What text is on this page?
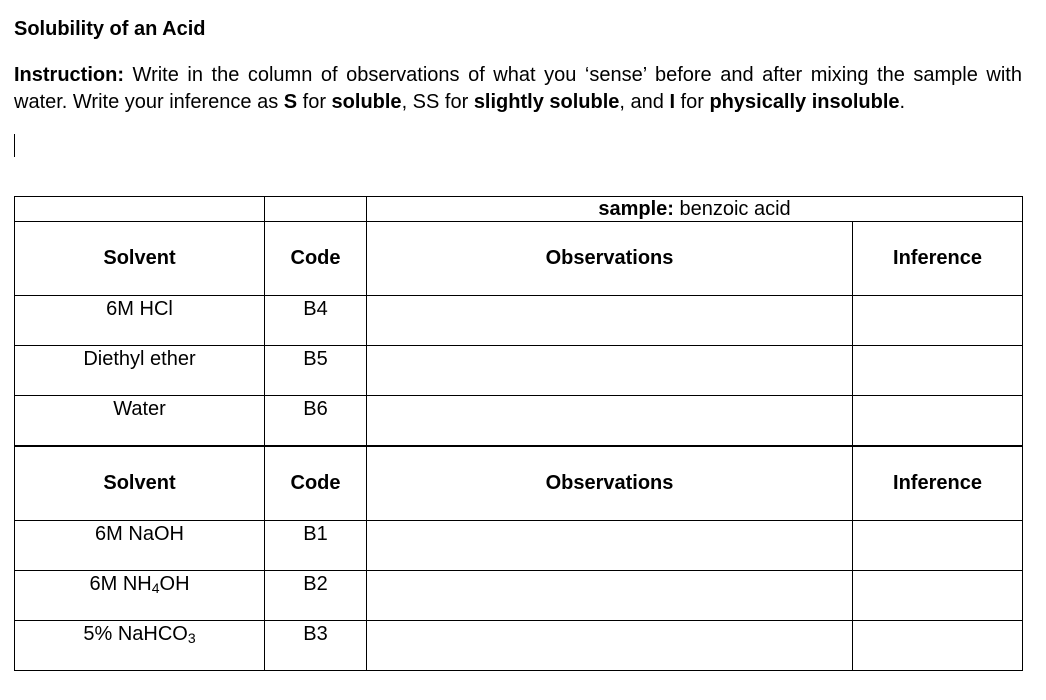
Solubility of an Acid

Instruction: Write in the column of observations of what you ‘sense’ before and after mixing the sample with water. Write your inference as S for soluble, SS for slightly soluble, and I for physically insoluble.

		sample: benzoic acid	
Solvent	Code	Observations	Inference
6M HCl	B4		
Diethyl ether	B5		
Water	B6		
Solvent	Code	Observations	Inference
6M NaOH	B1		
6M $NH_4OH$	B2		
5% NaHCO$_3$	B3		
